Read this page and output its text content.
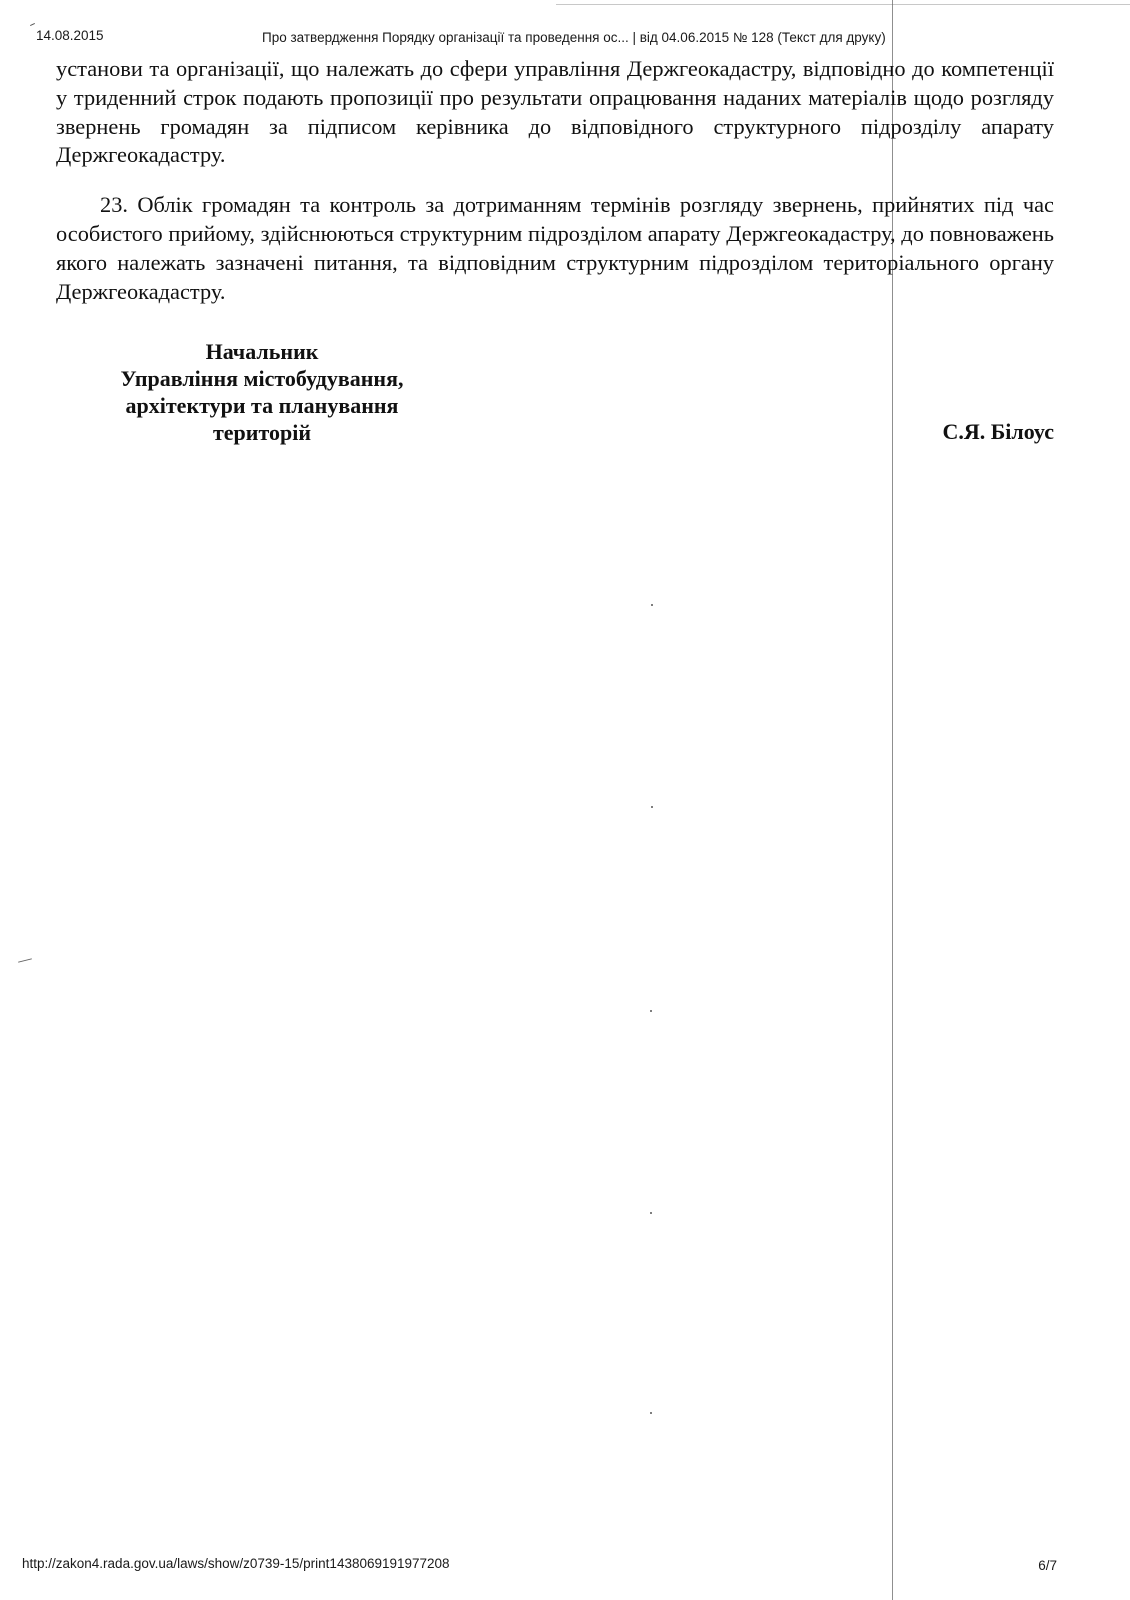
14.08.2015	Про затвердження Порядку організації та проведення ос... | від 04.06.2015 № 128 (Текст для друку)

установи та організації, що належать до сфери управління Держгеокадастру, відповідно до компетенції у триденний строк подають пропозиції про результати опрацювання наданих матеріалів щодо розгляду звернень громадян за підписом керівника до відповідного структурного підрозділу апарату Держгеокадастру.

23. Облік громадян та контроль за дотриманням термінів розгляду звернень, прийнятих під час особистого прийому, здійснюються структурним підрозділом апарату Держгеокадастру, до повноважень якого належать зазначені питання, та відповідним структурним підрозділом територіального органу Держгеокадастру.

Начальник
Управління містобудування,
архітектури та планування
територій	С.Я. Білоус
http://zakon4.rada.gov.ua/laws/show/z0739-15/print1438069191977208	6/7
